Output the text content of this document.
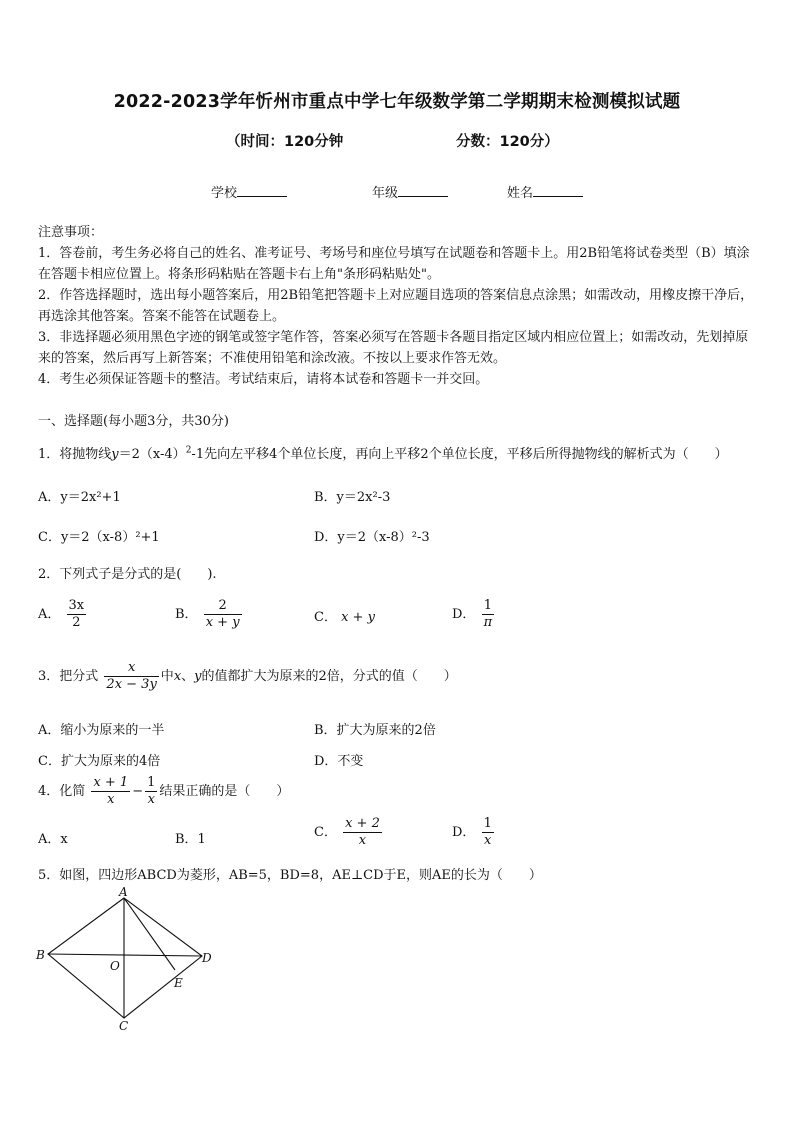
2022-2023学年忻州市重点中学七年级数学第二学期期末检测模拟试题
（时间：120分钟	分数：120分）
学校	年级	姓名

注意事项：

1．答卷前，考生务必将自己的姓名、准考证号、考场号和座位号填写在试题卷和答题卡上。用2B铅笔将试卷类型（B）填涂在答题卡相应位置上。将条形码粘贴在答题卡右上角"条形码粘贴处"。

2．作答选择题时，选出每小题答案后，用2B铅笔把答题卡上对应题目选项的答案信息点涂黑；如需改动，用橡皮擦干净后，再选涂其他答案。答案不能答在试题卷上。

3．非选择题必须用黑色字迹的钢笔或签字笔作答，答案必须写在答题卡各题目指定区域内相应位置上；如需改动，先划掉原来的答案，然后再写上新答案；不准使用铅笔和涂改液。不按以上要求作答无效。

4．考生必须保证答题卡的整洁。考试结束后，请将本试卷和答题卡一并交回。

一、选择题(每小题3分，共30分)
1．将抛物线$y=2(x-4)^2-1$先向左平移4个单位长度，再向上平移2个单位长度，平移后所得抛物线的解析式为（　　）
A．y＝2x²+1	B．y＝2x²-3
C．y＝2（x-8）²+1	D．y＝2（x-8）²-3
2．下列式子是分式的是(　　).
A． $\frac{3x}{2}$	B． $\frac{2}{x + y}$	C． x + y	D． $\frac{1}{\pi}$
3．把分式 $\frac{x}{2x - 3y}$ 中x、y的值都扩大为原来的2倍，分式的值（　　）
A．缩小为原来的一半	B．扩大为原来的2倍
C．扩大为原来的4倍	D．不变
4．化简 $\frac{x + 1}{x} - \frac{1}{x}$ 结果正确的是（　　）
A．x	B．1	C． $\frac{x + 2}{x}$	D． $\frac{1}{x}$
5．如图，四边形ABCD为菱形，AB=5，BD=8，AE⊥CD于E，则AE的长为（　　）
A
B
C
D
O
E
